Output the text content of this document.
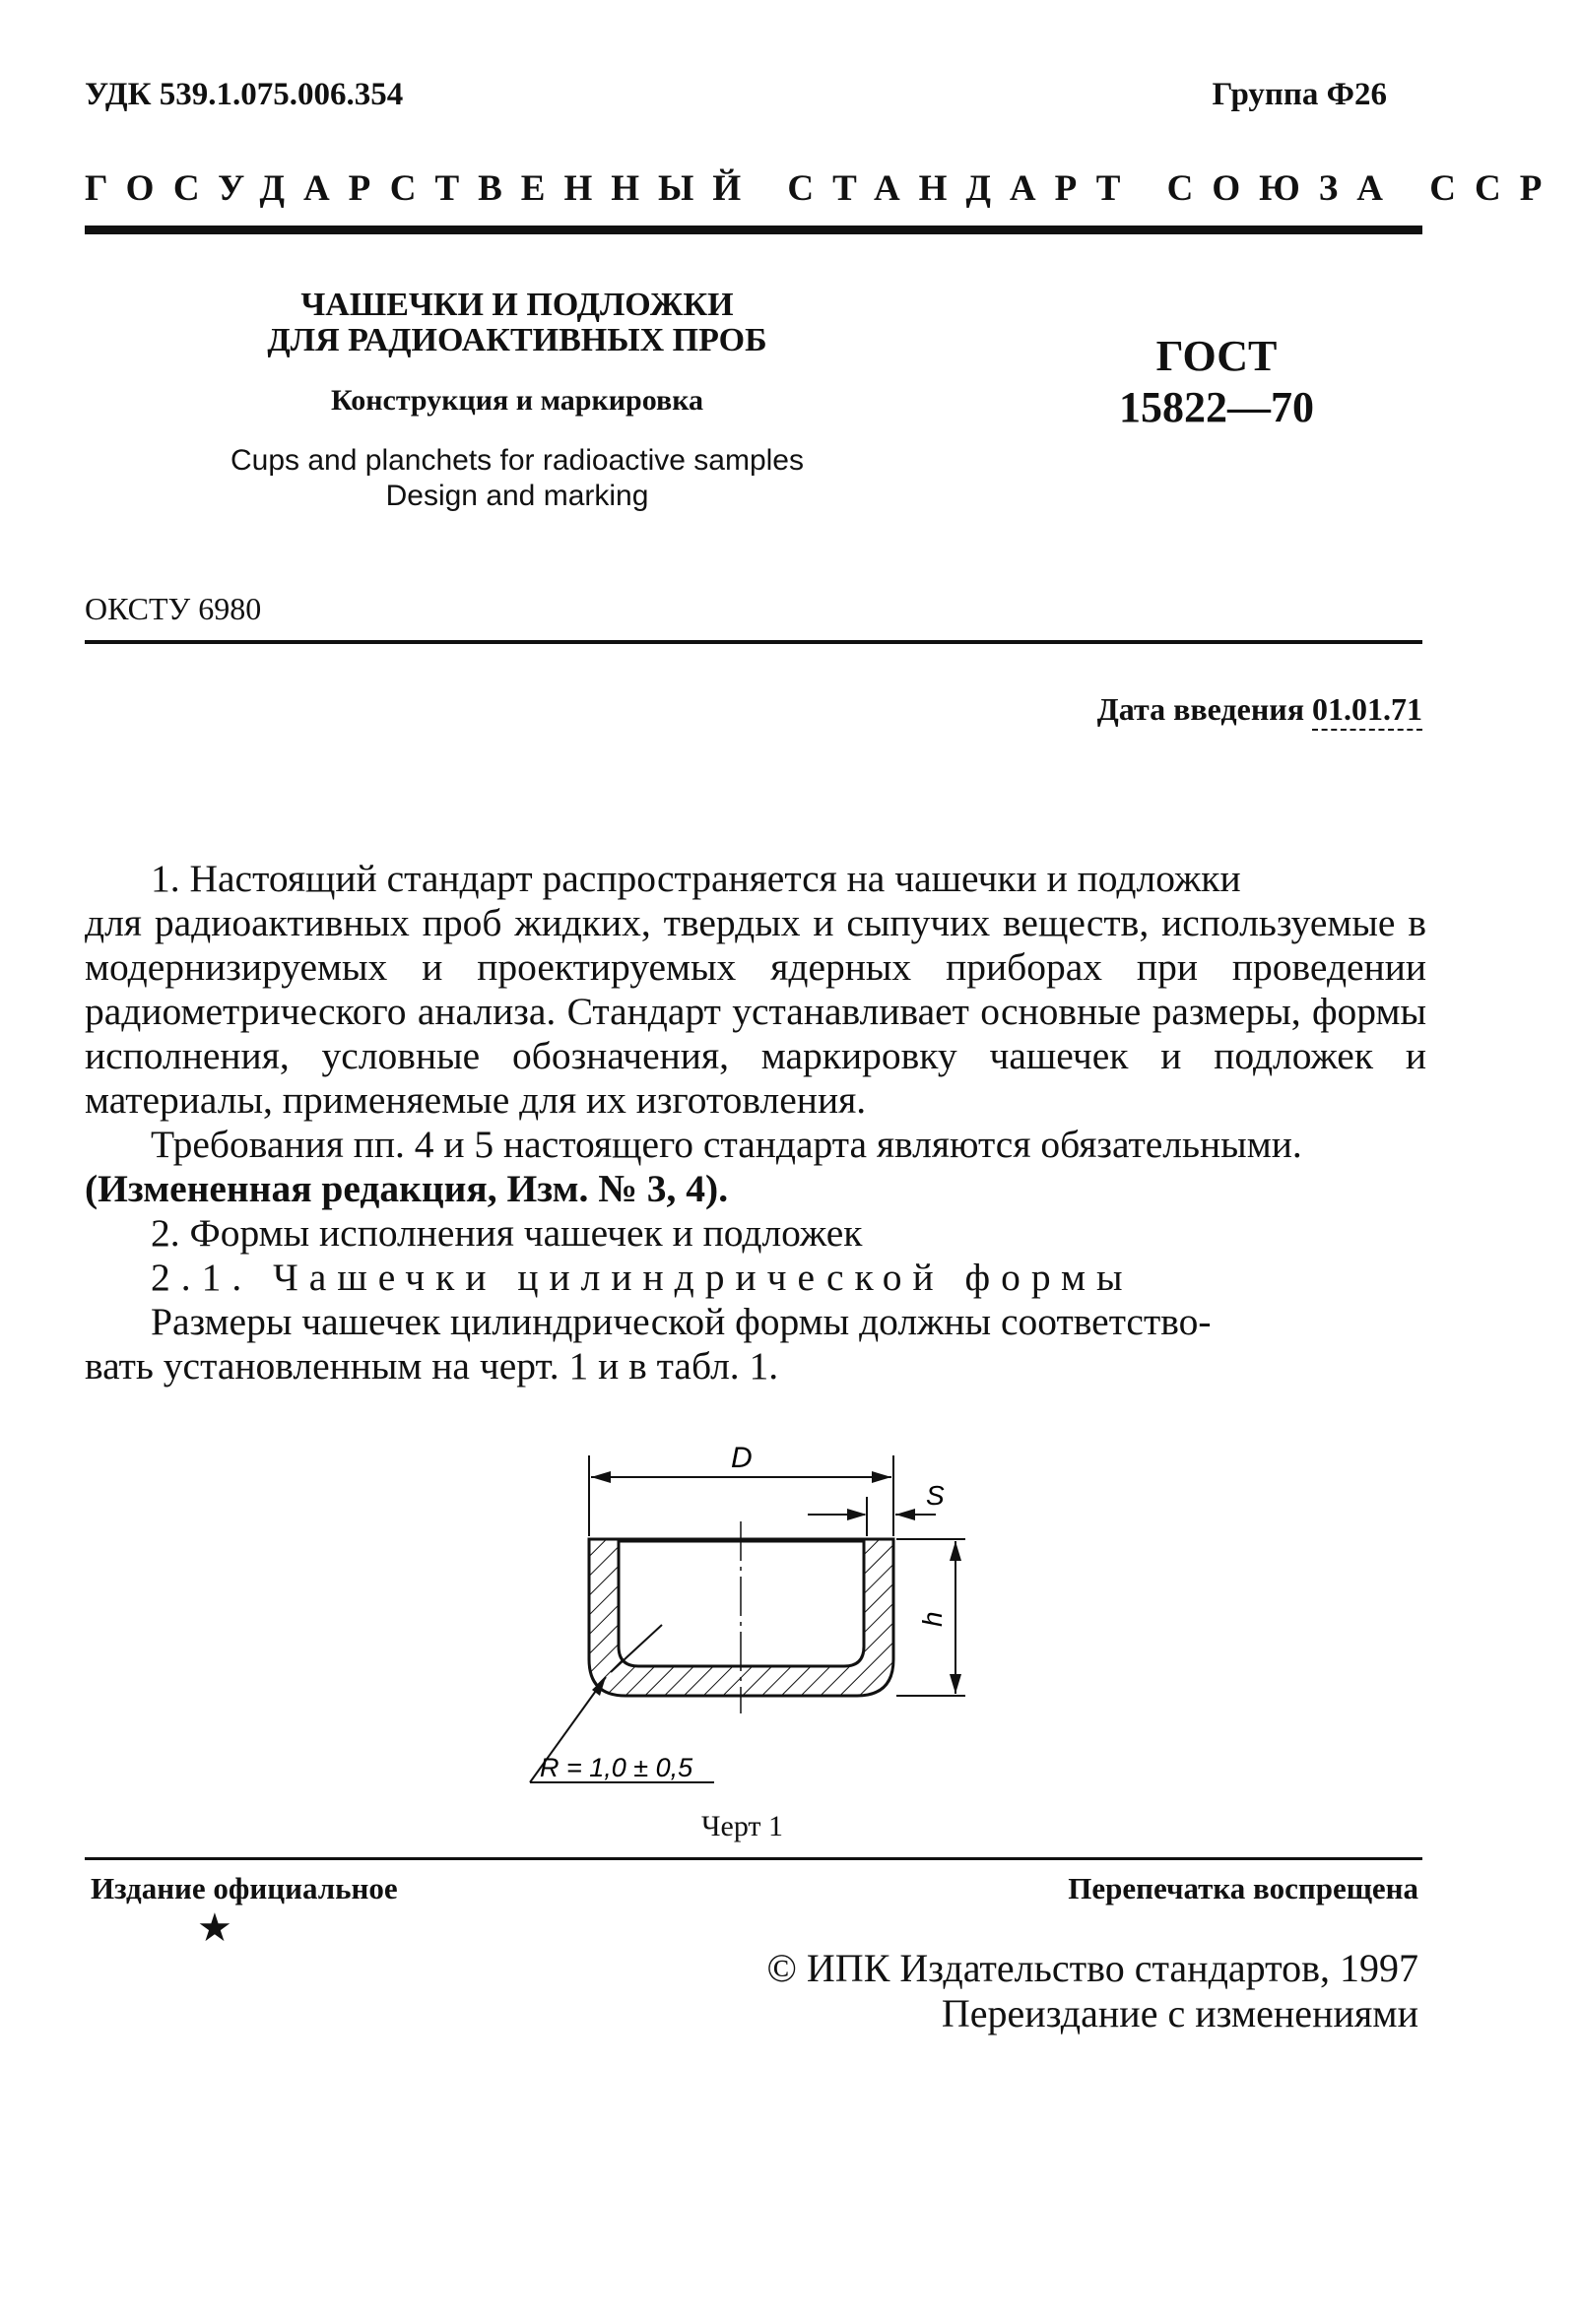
УДК 539.1.075.006.354	Группа Ф26
ГОСУДАРСТВЕННЫЙ СТАНДАРТ СОЮЗА ССР
ЧАШЕЧКИ И ПОДЛОЖКИ
ДЛЯ РАДИОАКТИВНЫХ ПРОБ
Конструкция и маркировка
Cups and planchets for radioactive samples
Design and marking
ГОСТ
15822—70
ОКСТУ 6980
Дата введения 01.01.71

1. Настоящий стандарт распространяется на чашечки и подложки

для радиоактивных проб жидких, твердых и сыпучих веществ, используемые в модернизируемых и проектируемых ядерных приборах при проведении радиометрического анализа. Стандарт устанавливает основные размеры, формы исполнения, условные обозначения, маркировку чашечек и подложек и материалы, применяемые для их изготовления.

Требования пп. 4 и 5 настоящего стандарта являются обязательными.

(Измененная редакция, Изм. № 3, 4).

2. Формы исполнения чашечек и подложек

2.1. Чашечки цилиндрической формы

Размеры чашечек цилиндрической формы должны соответство-

вать установленным на черт. 1 и в табл. 1.

D
S
h
R = 1,0 ± 0,5
Черт 1
Издание официальное
★
Перепечатка воспрещена
© ИПК Издательство стандартов, 1997
Переиздание с изменениями
